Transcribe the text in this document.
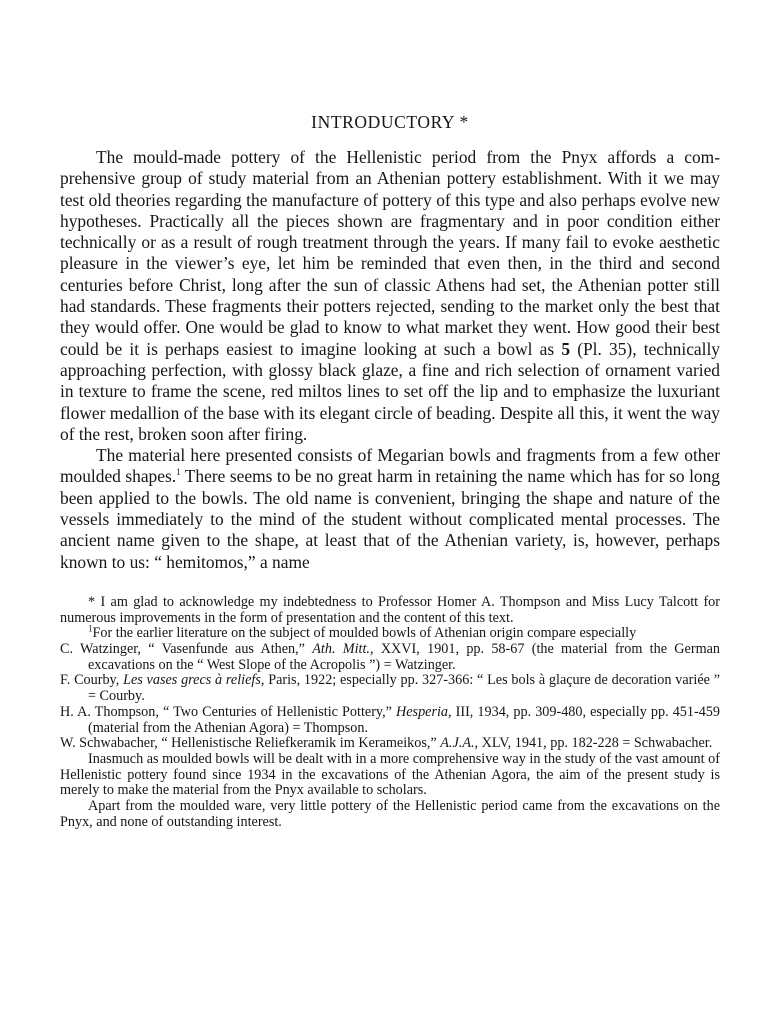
INTRODUCTORY *

The mould-made pottery of the Hellenistic period from the Pnyx affords a comprehensive group of study material from an Athenian pottery establishment. With it we may test old theories regarding the manufacture of pottery of this type and also perhaps evolve new hypotheses. Practically all the pieces shown are fragmentary and in poor condition either technically or as a result of rough treatment through the years. If many fail to evoke aesthetic pleasure in the viewer’s eye, let him be reminded that even then, in the third and second centuries before Christ, long after the sun of classic Athens had set, the Athenian potter still had standards. These fragments their potters rejected, sending to the market only the best that they would offer. One would be glad to know to what market they went. How good their best could be it is perhaps easiest to imagine looking at such a bowl as 5 (Pl. 35), technically approaching perfection, with glossy black glaze, a fine and rich selection of ornament varied in texture to frame the scene, red miltos lines to set off the lip and to emphasize the luxuriant flower medallion of the base with its elegant circle of beading. Despite all this, it went the way of the rest, broken soon after firing.

The material here presented consists of Megarian bowls and fragments from a few other moulded shapes.$^1$ There seems to be no great harm in retaining the name which has for so long been applied to the bowls. The old name is convenient, bringing the shape and nature of the vessels immediately to the mind of the student without complicated mental processes. The ancient name given to the shape, at least that of the Athenian variety, is, however, perhaps known to us: “ hemitomos,” a name

* I am glad to acknowledge my indebtedness to Professor Homer A. Thompson and Miss Lucy Talcott for numerous improvements in the form of presentation and the content of this text.

$^1$For the earlier literature on the subject of moulded bowls of Athenian origin compare especially

C. Watzinger, “ Vasenfunde aus Athen,” Ath. Mitt., XXVI, 1901, pp. 58-67 (the material from the German excavations on the “ West Slope of the Acropolis ”) = Watzinger.

F. Courby, Les vases grecs à reliefs, Paris, 1922; especially pp. 327-366: “ Les bols à glaçure de decoration variée ” = Courby.

H. A. Thompson, “ Two Centuries of Hellenistic Pottery,” Hesperia, III, 1934, pp. 309-480, especially pp. 451-459 (material from the Athenian Agora) = Thompson.

W. Schwabacher, “ Hellenistische Reliefkeramik im Kerameikos,” A.J.A., XLV, 1941, pp. 182-228 = Schwabacher.

Inasmuch as moulded bowls will be dealt with in a more comprehensive way in the study of the vast amount of Hellenistic pottery found since 1934 in the excavations of the Athenian Agora, the aim of the present study is merely to make the material from the Pnyx available to scholars.

Apart from the moulded ware, very little pottery of the Hellenistic period came from the excavations on the Pnyx, and none of outstanding interest.
